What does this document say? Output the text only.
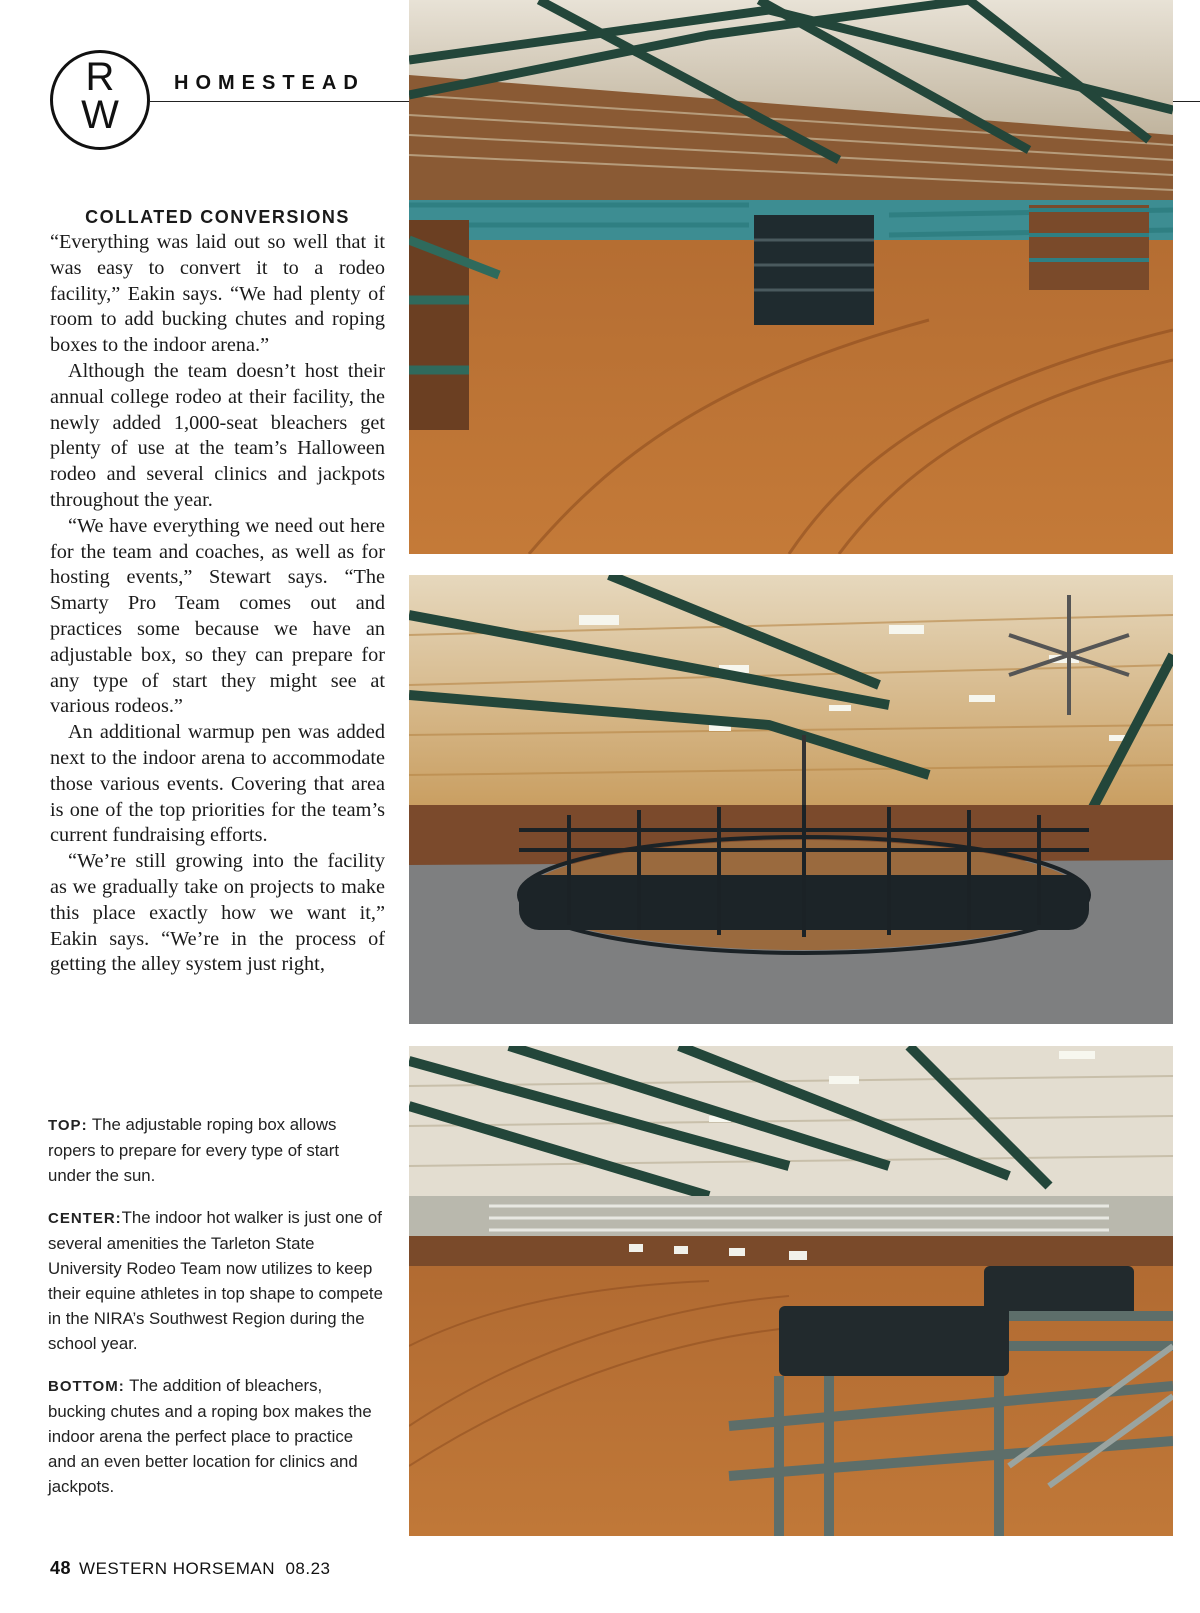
R
W
HOMESTEAD
COLLATED CONVERSIONS

“Everything was laid out so well that it was easy to convert it to a rodeo facility,” Eakin says. “We had plenty of room to add bucking chutes and roping boxes to the indoor arena.”

Although the team doesn’t host their annual college rodeo at their facility, the newly added 1,000-seat bleachers get plenty of use at the team’s Halloween rodeo and several clinics and jackpots throughout the year.

“We have everything we need out here for the team and coaches, as well as for hosting events,” Stewart says. “The Smarty Pro Team comes out and practices some because we have an adjustable box, so they can prepare for any type of start they might see at various rodeos.”

An additional warmup pen was added next to the indoor arena to accommodate those various events. Covering that area is one of the top priorities for the team’s current fundraising efforts.

“We’re still growing into the facility as we gradually take on projects to make this place exactly how we want it,” Eakin says. “We’re in the process of getting the alley system just right,

TOP: The adjustable roping box allows ropers to prepare for every type of start under the sun.

CENTER:The indoor hot walker is just one of several amenities the Tarleton State University Rodeo Team now utilizes to keep their equine athletes in top shape to compete in the NIRA’s Southwest Region during the school year.

BOTTOM: The addition of bleachers, bucking chutes and a roping box makes the indoor arena the perfect place to practice and an even better location for clinics and jackpots.

48 WESTERN HORSEMAN 08.23
